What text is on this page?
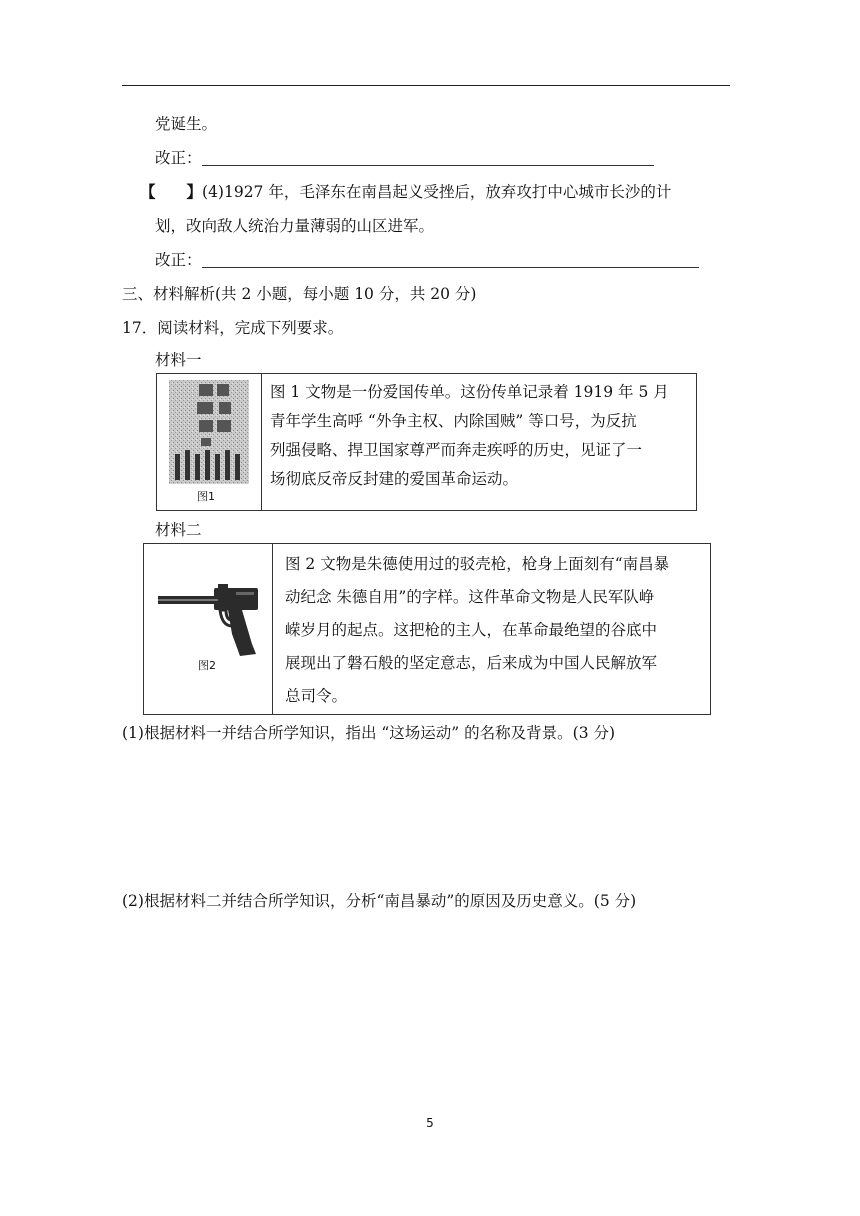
党诞生。
改正：
【　　】(4)1927 年，毛泽东在南昌起义受挫后，放弃攻打中心城市长沙的计
划，改向敌人统治力量薄弱的山区进军。
改正：
三、材料解析(共 2 小题，每小题 10 分，共 20 分)
17．阅读材料，完成下列要求。
材料一
图1
图 1 文物是一份爱国传单。这份传单记录着 1919 年 5 月
青年学生高呼 “外争主权、内除国贼” 等口号，为反抗
列强侵略、捍卫国家尊严而奔走疾呼的历史，见证了一
场彻底反帝反封建的爱国革命运动。
材料二
图2
图 2 文物是朱德使用过的驳壳枪，枪身上面刻有“南昌暴
动纪念 朱德自用”的字样。这件革命文物是人民军队峥
嵘岁月的起点。这把枪的主人，在革命最绝望的谷底中
展现出了磐石般的坚定意志，后来成为中国人民解放军
总司令。
(1)根据材料一并结合所学知识，指出 “这场运动” 的名称及背景。(3 分)
(2)根据材料二并结合所学知识，分析“南昌暴动”的原因及历史意义。(5 分)
5
